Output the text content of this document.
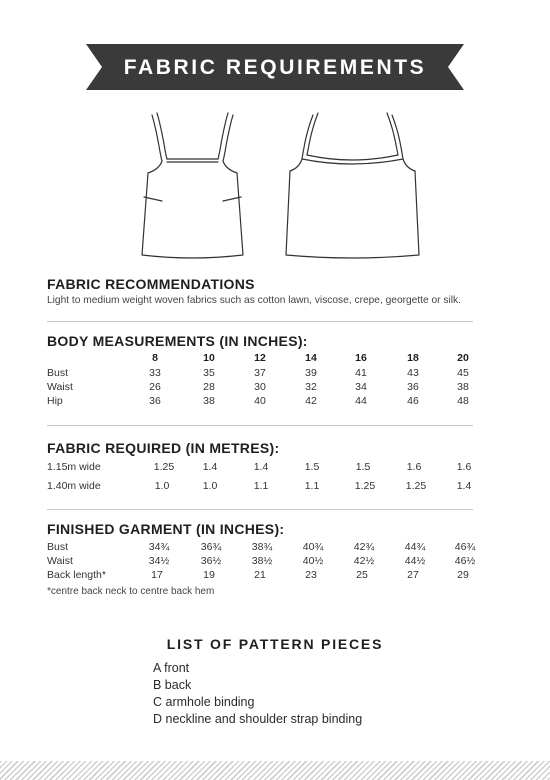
FABRIC REQUIREMENTS
FABRIC RECOMMENDATIONS
Light to medium weight woven fabrics such as cotton lawn, viscose, crepe, georgette or silk.
BODY MEASUREMENTS (IN INCHES):
8	10	12	14	16	18	20
Bust	33	35	37	39	41	43	45
Waist	26	28	30	32	34	36	38
Hip	36	38	40	42	44	46	48
FABRIC REQUIRED (IN METRES):
1.15m wide	1.25	1.4	1.4	1.5	1.5	1.6	1.6
1.40m wide	1.0	1.0	1.1	1.1	1.25	1.25	1.4
FINISHED GARMENT (IN INCHES):
Bust	34¾	36¾	38¾	40¾	42¾	44¾	46¾
Waist	34½	36½	38½	40½	42½	44½	46½
Back length*	17	19	21	23	25	27	29
*centre back neck to centre back hem
LIST OF PATTERN PIECES
A front
B back
C armhole binding
D neckline and shoulder strap binding
